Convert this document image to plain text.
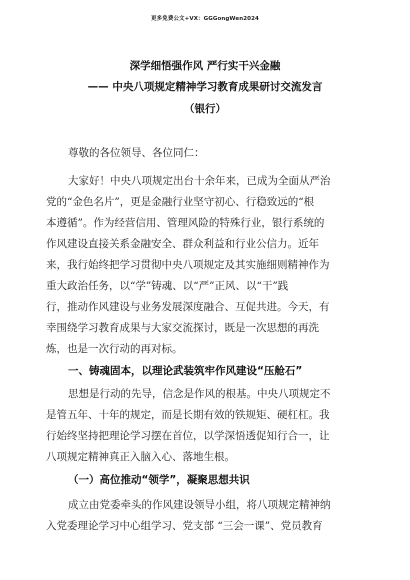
更多免费公文+VX：GGGongWen2024
深学细悟强作风 严行实干兴金融
—— 中央八项规定精神学习教育成果研讨交流发言
（银行）
尊敬的各位领导、各位同仁：
大家好！中央八项规定出台十余年来，已成为全面从严治
党的“金色名片”，更是金融行业坚守初心、行稳致远的“根
本遵循”。作为经营信用、管理风险的特殊行业，银行系统的
作风建设直接关系金融安全、群众利益和行业公信力。近年
来，我行始终把学习贯彻中央八项规定及其实施细则精神作为
重大政治任务，以“学”铸魂、以“严”正风、以“干”践
行，推动作风建设与业务发展深度融合、互促共进。今天，有
幸围绕学习教育成果与大家交流探讨，既是一次思想的再洗
炼，也是一次行动的再对标。
一、铸魂固本，以理论武装筑牢作风建设“压舱石”
思想是行动的先导，信念是作风的根基。中央八项规定不
是管五年、十年的规定，而是长期有效的铁规矩、硬杠杠。我
行始终坚持把理论学习摆在首位，以学深悟透促知行合一，让
八项规定精神真正入脑入心、落地生根。
（一）高位推动“领学”，凝聚思想共识
成立由党委牵头的作风建设领导小组，将八项规定精神纳
入党委理论学习中心组学习、党支部 “三会一课”、党员教育
